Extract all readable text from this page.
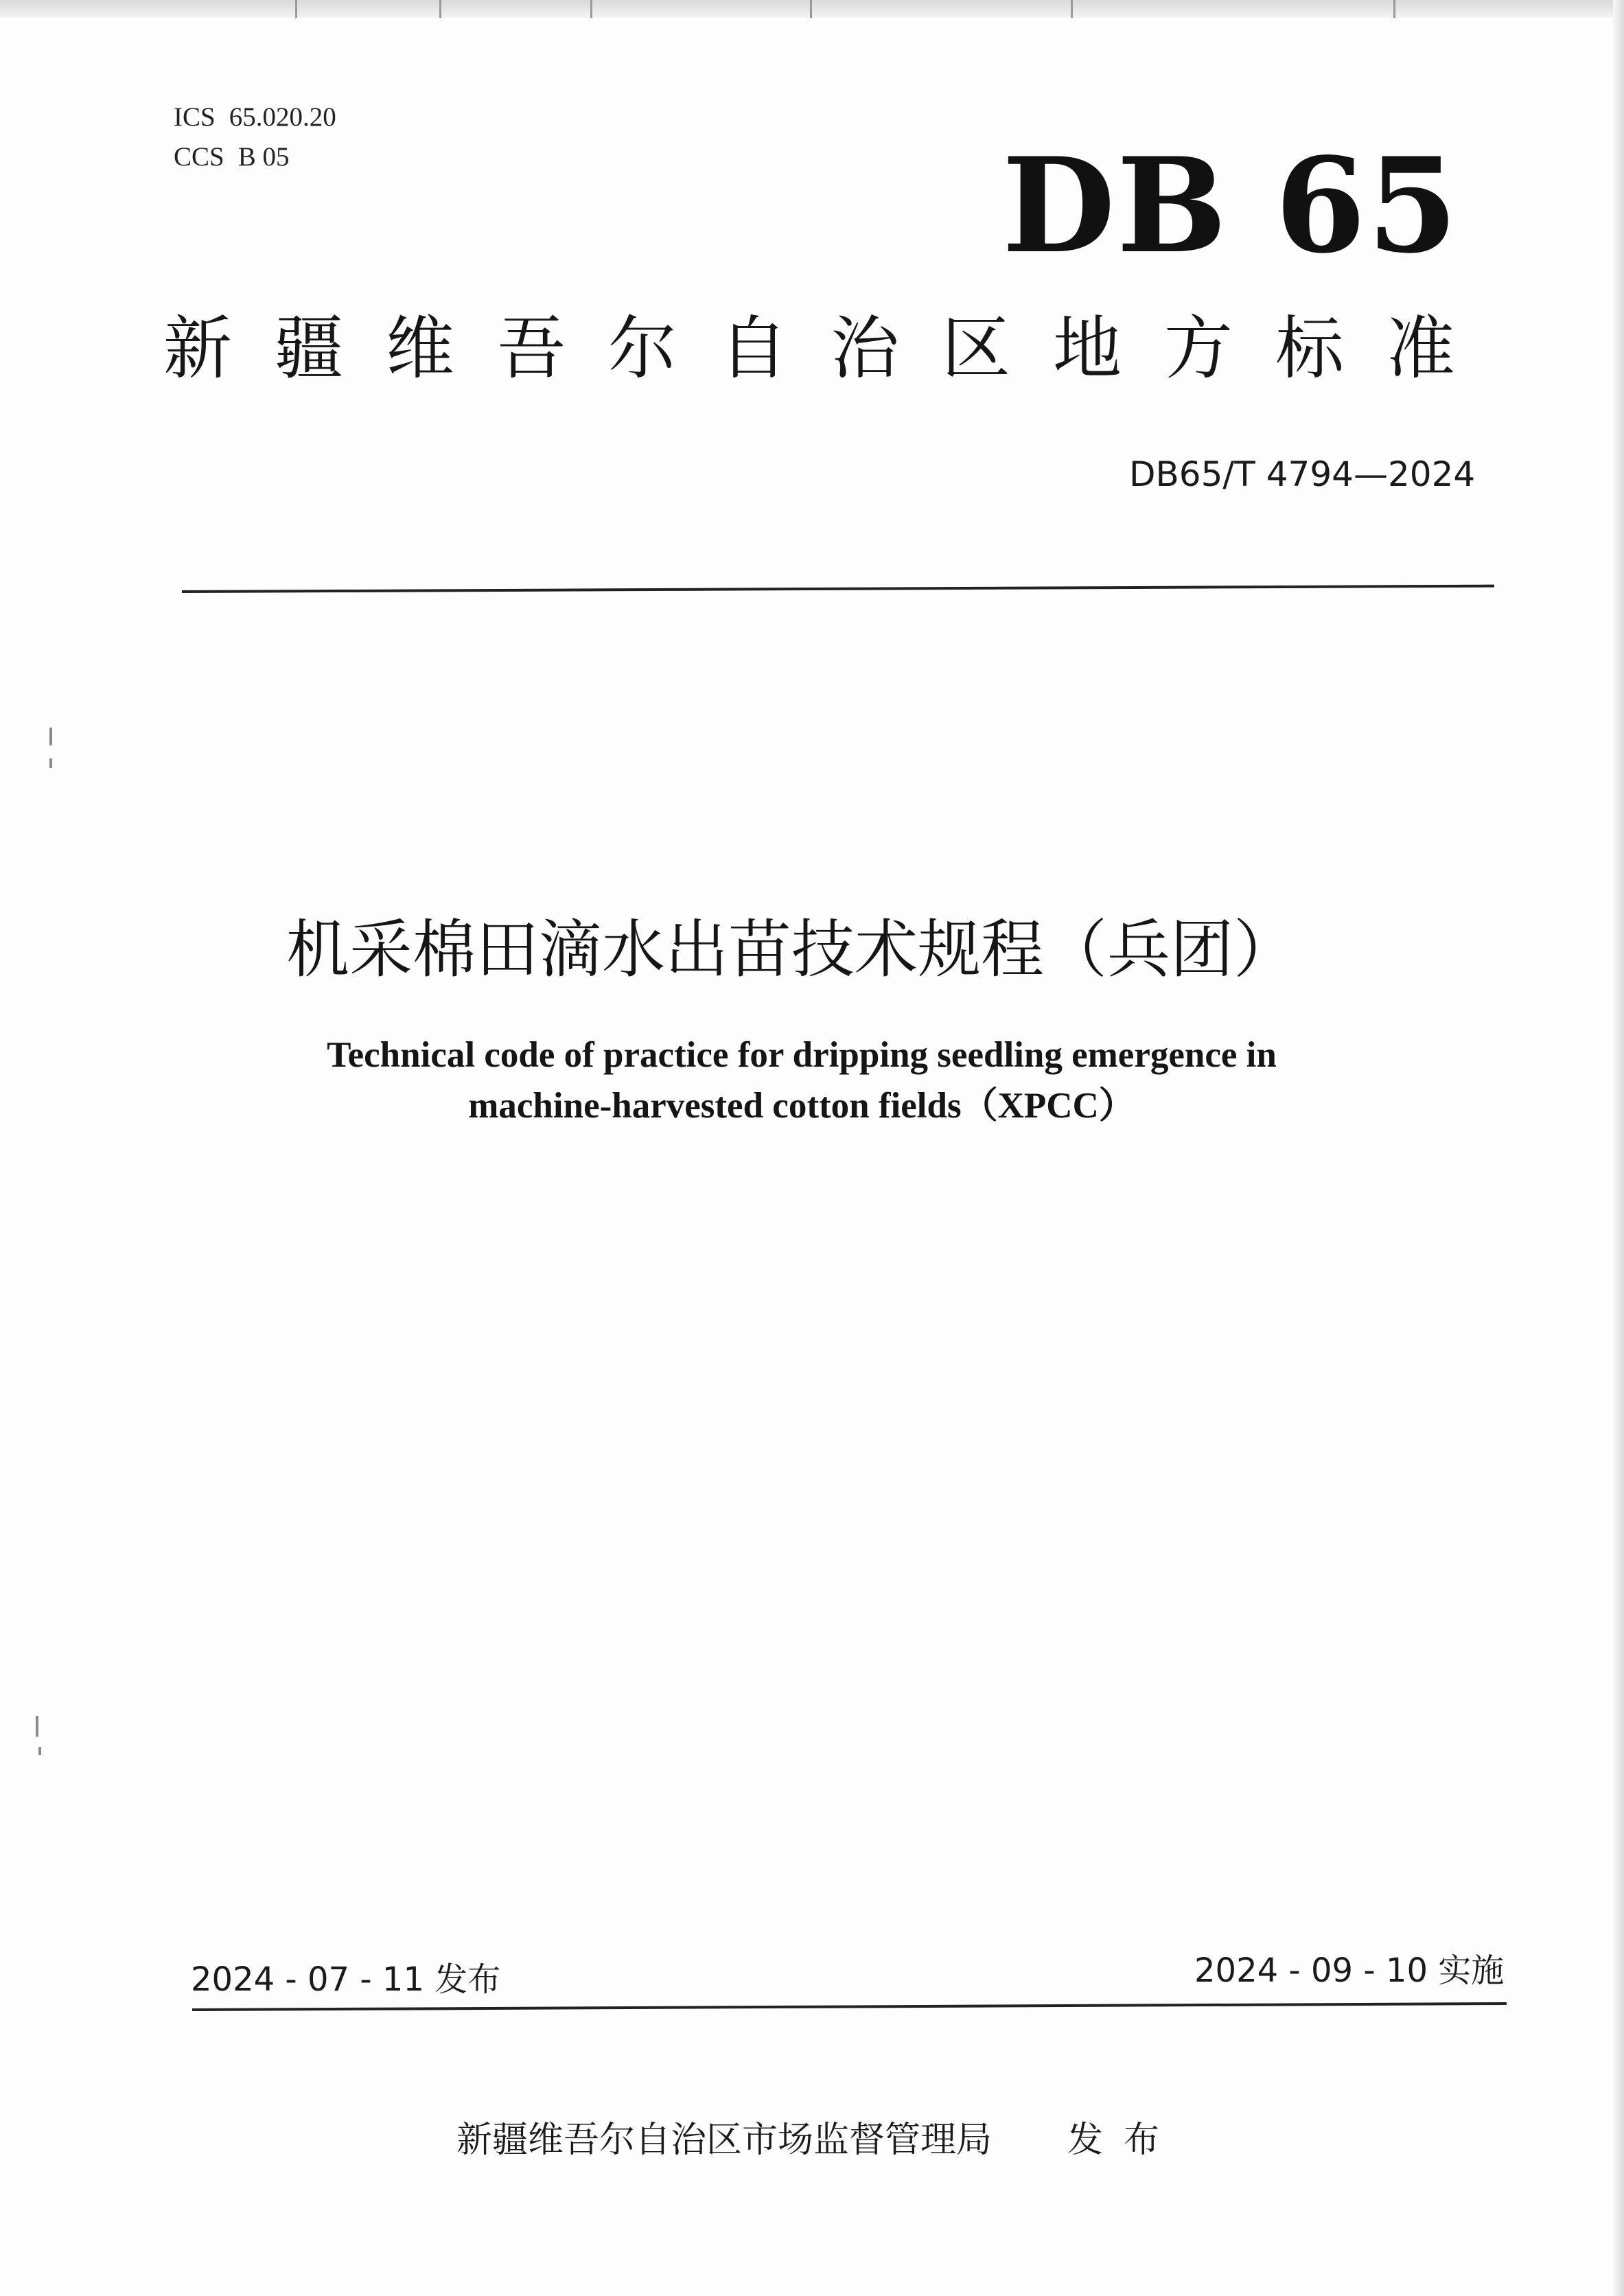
ICS 65.020.20
CCS B 05	DB 65
新疆维吾尔自治区地方标准
DB65/T 4794—2024
机采棉田滴水出苗技术规程（兵团）
Technical code of practice for dripping seedling emergence in
machine-harvested cotton fields（XPCC）
2024 - 07 - 11 发布	2024 - 09 - 10 实施
新疆维吾尔自治区市场监督管理局 发布
